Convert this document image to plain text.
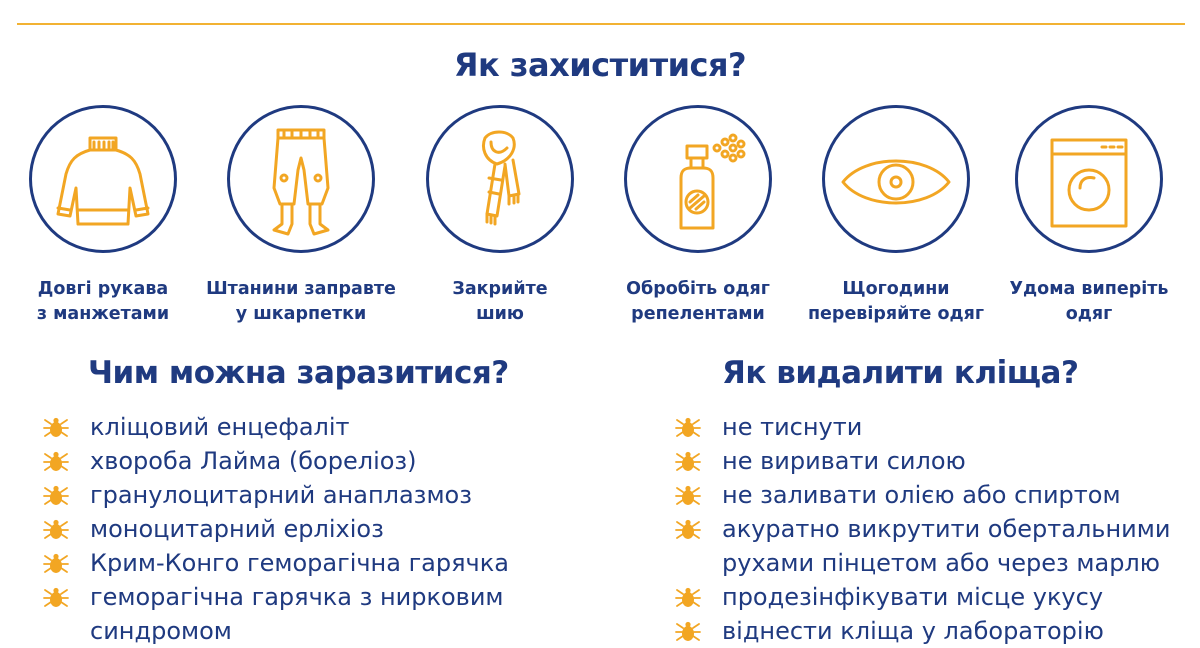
Як захиститися?
Довгі рукава
з манжетами
Штанини заправте
у шкарпетки
Закрийте
шию
Обробіть одяг
репелентами
Щогодини
перевіряйте одяг
Удома виперіть
одяг
Чим можна заразитися?	Як видалити кліща?
кліщовий енцефаліт
хвороба Лайма (бореліоз)
гранулоцитарний анаплазмоз
моноцитарний ерліхіоз
Крим-Конго геморагічна гарячка
геморагічна гарячка з нирковим синдромом
не тиснути
не виривати силою
не заливати олією або спиртом
акуратно викрутити обертальними рухами пінцетом або через марлю
продезінфікувати місце укусу
віднести кліща у лабораторію
